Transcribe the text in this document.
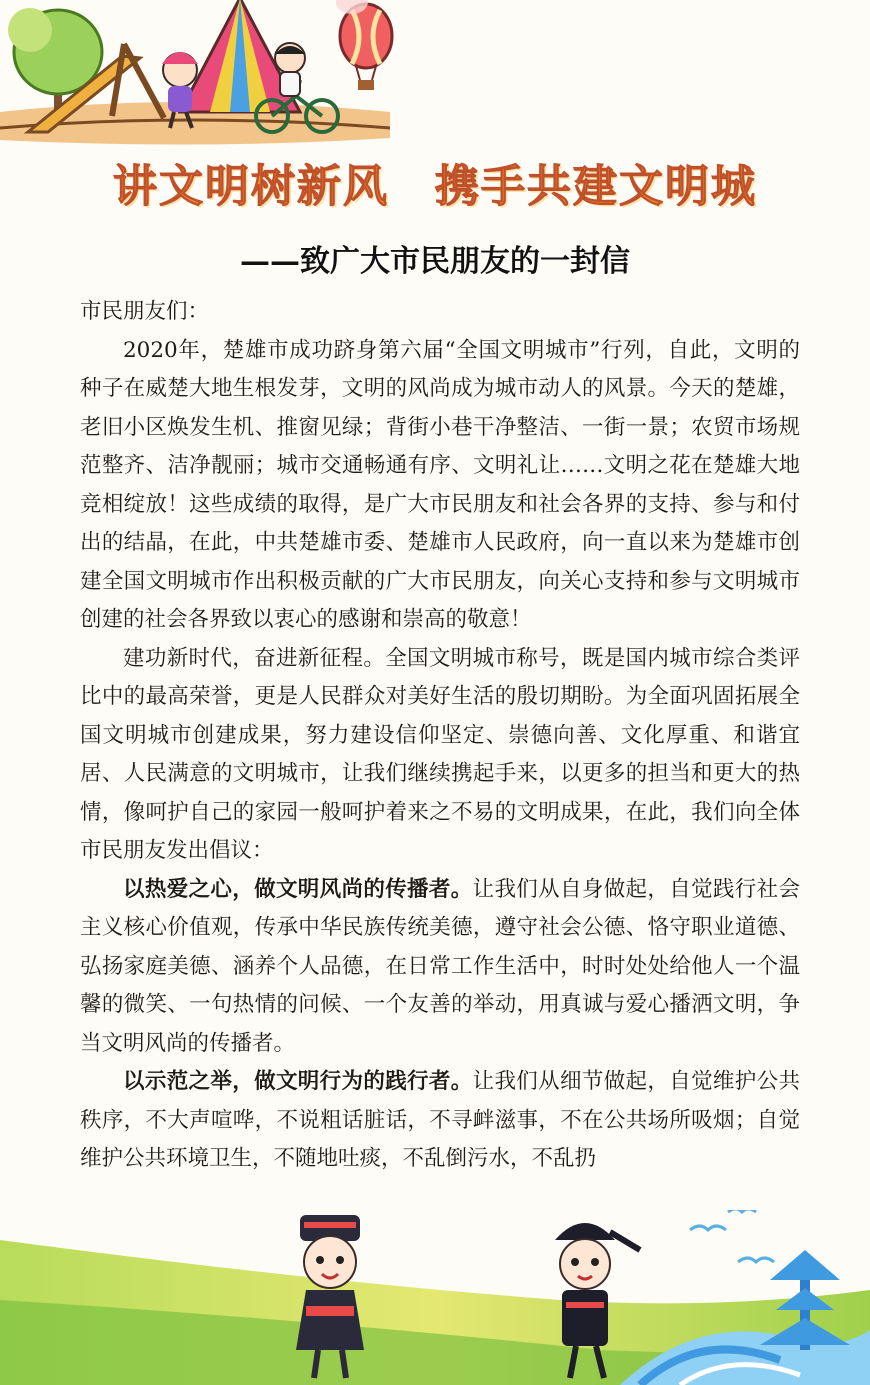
讲文明树新风　携手共建文明城
——致广大市民朋友的一封信

市民朋友们：

2020年，楚雄市成功跻身第六届“全国文明城市”行列，自此，文明的种子在威楚大地生根发芽，文明的风尚成为城市动人的风景。今天的楚雄，老旧小区焕发生机、推窗见绿；背街小巷干净整洁、一街一景；农贸市场规范整齐、洁净靓丽；城市交通畅通有序、文明礼让……文明之花在楚雄大地竞相绽放！这些成绩的取得，是广大市民朋友和社会各界的支持、参与和付出的结晶，在此，中共楚雄市委、楚雄市人民政府，向一直以来为楚雄市创建全国文明城市作出积极贡献的广大市民朋友，向关心支持和参与文明城市创建的社会各界致以衷心的感谢和崇高的敬意！

建功新时代，奋进新征程。全国文明城市称号，既是国内城市综合类评比中的最高荣誉，更是人民群众对美好生活的殷切期盼。为全面巩固拓展全国文明城市创建成果，努力建设信仰坚定、崇德向善、文化厚重、和谐宜居、人民满意的文明城市，让我们继续携起手来，以更多的担当和更大的热情，像呵护自己的家园一般呵护着来之不易的文明成果，在此，我们向全体市民朋友发出倡议：

以热爱之心，做文明风尚的传播者。让我们从自身做起，自觉践行社会主义核心价值观，传承中华民族传统美德，遵守社会公德、恪守职业道德、弘扬家庭美德、涵养个人品德，在日常工作生活中，时时处处给他人一个温馨的微笑、一句热情的问候、一个友善的举动，用真诚与爱心播洒文明，争当文明风尚的传播者。

以示范之举，做文明行为的践行者。让我们从细节做起，自觉维护公共秩序，不大声喧哗，不说粗话脏话，不寻衅滋事，不在公共场所吸烟；自觉维护公共环境卫生，不随地吐痰，不乱倒污水，不乱扔
